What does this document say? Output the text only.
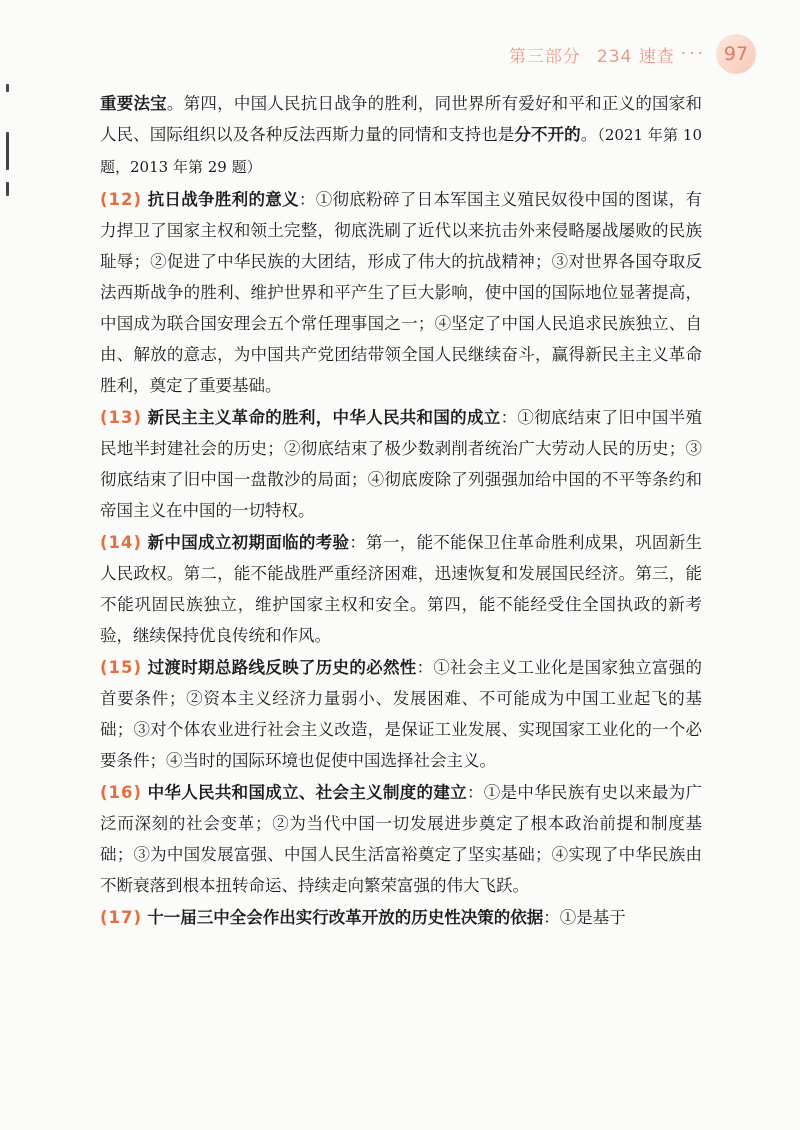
第三部分 234 速查 ··· 97

重要法宝。第四，中国人民抗日战争的胜利，同世界所有爱好和平和正义的国家和人民、国际组织以及各种反法西斯力量的同情和支持也是分不开的。（2021 年第 10 题，2013 年第 29 题）

(12) 抗日战争胜利的意义：①彻底粉碎了日本军国主义殖民奴役中国的图谋，有力捍卫了国家主权和领土完整，彻底洗刷了近代以来抗击外来侵略屡战屡败的民族耻辱；②促进了中华民族的大团结，形成了伟大的抗战精神；③对世界各国夺取反法西斯战争的胜利、维护世界和平产生了巨大影响，使中国的国际地位显著提高，中国成为联合国安理会五个常任理事国之一；④坚定了中国人民追求民族独立、自由、解放的意志，为中国共产党团结带领全国人民继续奋斗，赢得新民主主义革命胜利，奠定了重要基础。

(13) 新民主主义革命的胜利，中华人民共和国的成立：①彻底结束了旧中国半殖民地半封建社会的历史；②彻底结束了极少数剥削者统治广大劳动人民的历史；③彻底结束了旧中国一盘散沙的局面；④彻底废除了列强强加给中国的不平等条约和帝国主义在中国的一切特权。

(14) 新中国成立初期面临的考验：第一，能不能保卫住革命胜利成果，巩固新生人民政权。第二，能不能战胜严重经济困难，迅速恢复和发展国民经济。第三，能不能巩固民族独立，维护国家主权和安全。第四，能不能经受住全国执政的新考验，继续保持优良传统和作风。

(15) 过渡时期总路线反映了历史的必然性：①社会主义工业化是国家独立富强的首要条件；②资本主义经济力量弱小、发展困难、不可能成为中国工业起飞的基础；③对个体农业进行社会主义改造，是保证工业发展、实现国家工业化的一个必要条件；④当时的国际环境也促使中国选择社会主义。

(16) 中华人民共和国成立、社会主义制度的建立：①是中华民族有史以来最为广泛而深刻的社会变革；②为当代中国一切发展进步奠定了根本政治前提和制度基础；③为中国发展富强、中国人民生活富裕奠定了坚实基础；④实现了中华民族由不断衰落到根本扭转命运、持续走向繁荣富强的伟大飞跃。

(17) 十一届三中全会作出实行改革开放的历史性决策的依据：①是基于
